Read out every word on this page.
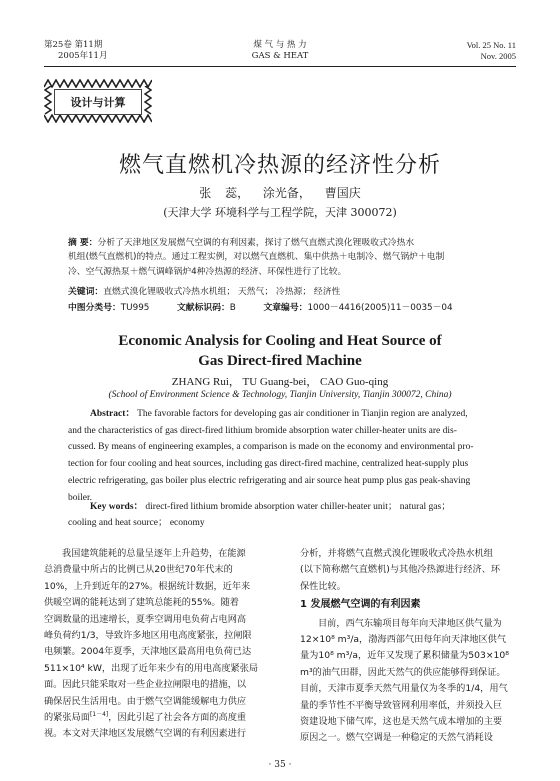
第25卷 第11期
2005年11月
煤 气 与 热 力
GAS & HEAT
Vol. 25 No. 11
Nov. 2005
设计与计算
燃气直燃机冷热源的经济性分析
张 蕊， 涂光备， 曹国庆
(天津大学 环境科学与工程学院，天津 300072)
摘 要：分析了天津地区发展燃气空调的有利因素，探讨了燃气直燃式溴化锂吸收式冷热水
机组(燃气直燃机)的特点。通过工程实例，对以燃气直燃机、集中供热＋电制冷、燃气锅炉＋电制
冷、空气源热泵＋燃气调峰锅炉4种冷热源的经济、环保性进行了比较。
关键词：直燃式溴化锂吸收式冷热水机组； 天然气； 冷热源； 经济性
中图分类号：TU995	文献标识码：B	文章编号：1000－4416(2005)11－0035－04
Economic Analysis for Cooling and Heat Source of
Gas Direct-fired Machine
ZHANG Rui， TU Guang-bei， CAO Guo-qing
(School of Environment Science & Technology, Tianjin University, Tianjin 300072, China)
Abstract： The favorable factors for developing gas air conditioner in Tianjin region are analyzed,
and the characteristics of gas direct-fired lithium bromide absorption water chiller-heater units are dis-
cussed. By means of engineering examples, a comparison is made on the economy and environmental pro-
tection for four cooling and heat sources, including gas direct-fired machine, centralized heat-supply plus
electric refrigerating, gas boiler plus electric refrigerating and air source heat pump plus gas peak-shaving
boiler.
Key words： direct-fired lithium bromide absorption water chiller-heater unit； natural gas；
cooling and heat source； economy
我国建筑能耗的总量呈逐年上升趋势，在能源
总消费量中所占的比例已从20世纪70年代末的
10%，上升到近年的27%。根据统计数据，近年来
供暖空调的能耗达到了建筑总能耗的55%。随着
空调数量的迅速增长，夏季空调用电负荷占电网高
峰负荷约1/3，导致许多地区用电高度紧张，拉闸限
电频繁。2004年夏季，天津地区最高用电负荷已达
511×10⁴ kW，出现了近年来少有的用电高度紧张局
面。因此只能采取对一些企业拉闸限电的措施，以
确保居民生活用电。由于燃气空调能缓解电力供应
的紧张局面[1－4]，因此引起了社会各方面的高度重
视。本文对天津地区发展燃气空调的有利因素进行
分析，并将燃气直燃式溴化锂吸收式冷热水机组
(以下简称燃气直燃机)与其他冷热源进行经济、环
保性比较。
1 发展燃气空调的有利因素
目前，西气东输项目每年向天津地区供气量为
12×10⁸ m³/a，渤海西部气田每年向天津地区供气
量为10⁸ m³/a，近年又发现了累积储量为503×10⁸
m³的油气田群，因此天然气的供应能够得到保证。
目前，天津市夏季天然气用量仅为冬季的1/4，用气
量的季节性不平衡导致管网利用率低，并须投入巨
资建设地下储气库，这也是天然气成本增加的主要
原因之一。燃气空调是一种稳定的天然气消耗设
· 35 ·
